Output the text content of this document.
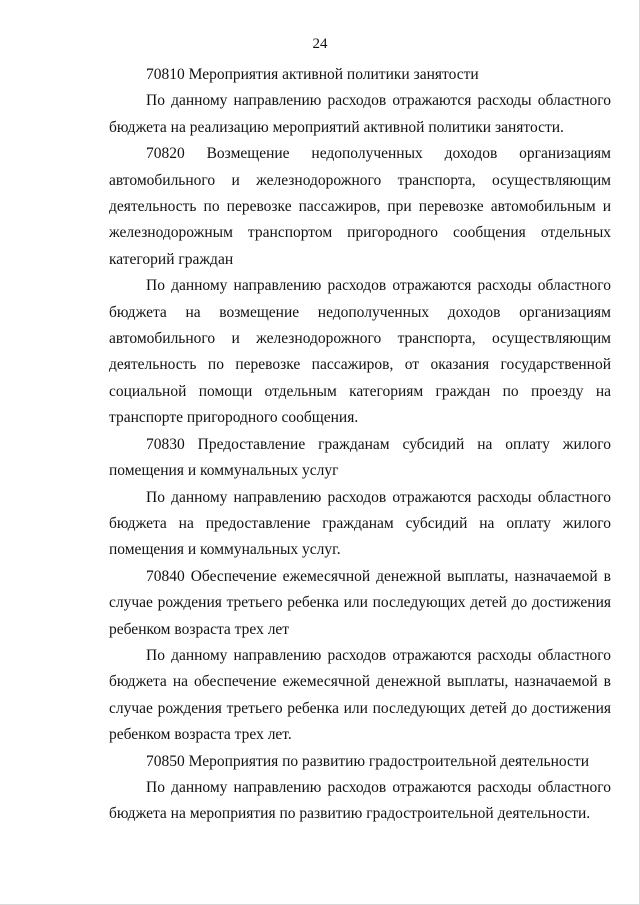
24

70810 Мероприятия активной политики занятости

По данному направлению расходов отражаются расходы областного бюджета на реализацию мероприятий активной политики занятости.

70820 Возмещение недополученных доходов организациям автомобильного и железнодорожного транспорта, осуществляющим деятельность по перевозке пассажиров, при перевозке автомобильным и железнодорожным транспортом пригородного сообщения отдельных категорий граждан

По данному направлению расходов отражаются расходы областного бюджета на возмещение недополученных доходов организациям автомобильного и железнодорожного транспорта, осуществляющим деятельность по перевозке пассажиров, от оказания государственной социальной помощи отдельным категориям граждан по проезду на транспорте пригородного сообщения.

70830 Предоставление гражданам субсидий на оплату жилого помещения и коммунальных услуг

По данному направлению расходов отражаются расходы областного бюджета на предоставление гражданам субсидий на оплату жилого помещения и коммунальных услуг.

70840 Обеспечение ежемесячной денежной выплаты, назначаемой в случае рождения третьего ребенка или последующих детей до достижения ребенком возраста трех лет

По данному направлению расходов отражаются расходы областного бюджета на обеспечение ежемесячной денежной выплаты, назначаемой в случае рождения третьего ребенка или последующих детей до достижения ребенком возраста трех лет.

70850 Мероприятия по развитию градостроительной деятельности

По данному направлению расходов отражаются расходы областного бюджета на мероприятия по развитию градостроительной деятельности.
